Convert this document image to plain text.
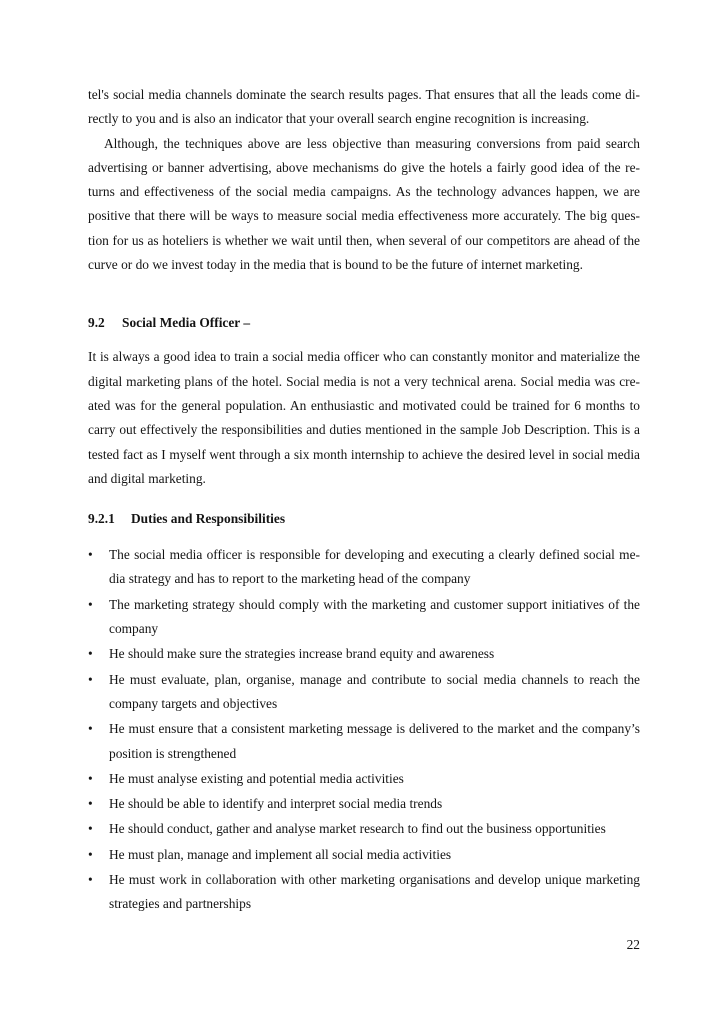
tel's social media channels dominate the search results pages. That ensures that all the leads come di-rectly to you and is also an indicator that your overall search engine recognition is increasing.

Although, the techniques above are less objective than measuring conversions from paid search advertising or banner advertising, above mechanisms do give the hotels a fairly good idea of the re-turns and effectiveness of the social media campaigns. As the technology advances happen, we are positive that there will be ways to measure social media effectiveness more accurately. The big ques-tion for us as hoteliers is whether we wait until then, when several of our competitors are ahead of the curve or do we invest today in the media that is bound to be the future of internet marketing.

9.2 Social Media Officer –

It is always a good idea to train a social media officer who can constantly monitor and materialize the digital marketing plans of the hotel. Social media is not a very technical arena. Social media was cre-ated was for the general population. An enthusiastic and motivated could be trained for 6 months to carry out effectively the responsibilities and duties mentioned in the sample Job Description. This is a tested fact as I myself went through a six month internship to achieve the desired level in social media and digital marketing.

9.2.1 Duties and Responsibilities
• The social media officer is responsible for developing and executing a clearly defined social me-dia strategy and has to report to the marketing head of the company
• The marketing strategy should comply with the marketing and customer support initiatives of the company
• He should make sure the strategies increase brand equity and awareness
• He must evaluate, plan, organise, manage and contribute to social media channels to reach the company targets and objectives
• He must ensure that a consistent marketing message is delivered to the market and the company’s position is strengthened
• He must analyse existing and potential media activities
• He should be able to identify and interpret social media trends
• He should conduct, gather and analyse market research to find out the business opportunities
• He must plan, manage and implement all social media activities
• He must work in collaboration with other marketing organisations and develop unique marketing strategies and partnerships
22
